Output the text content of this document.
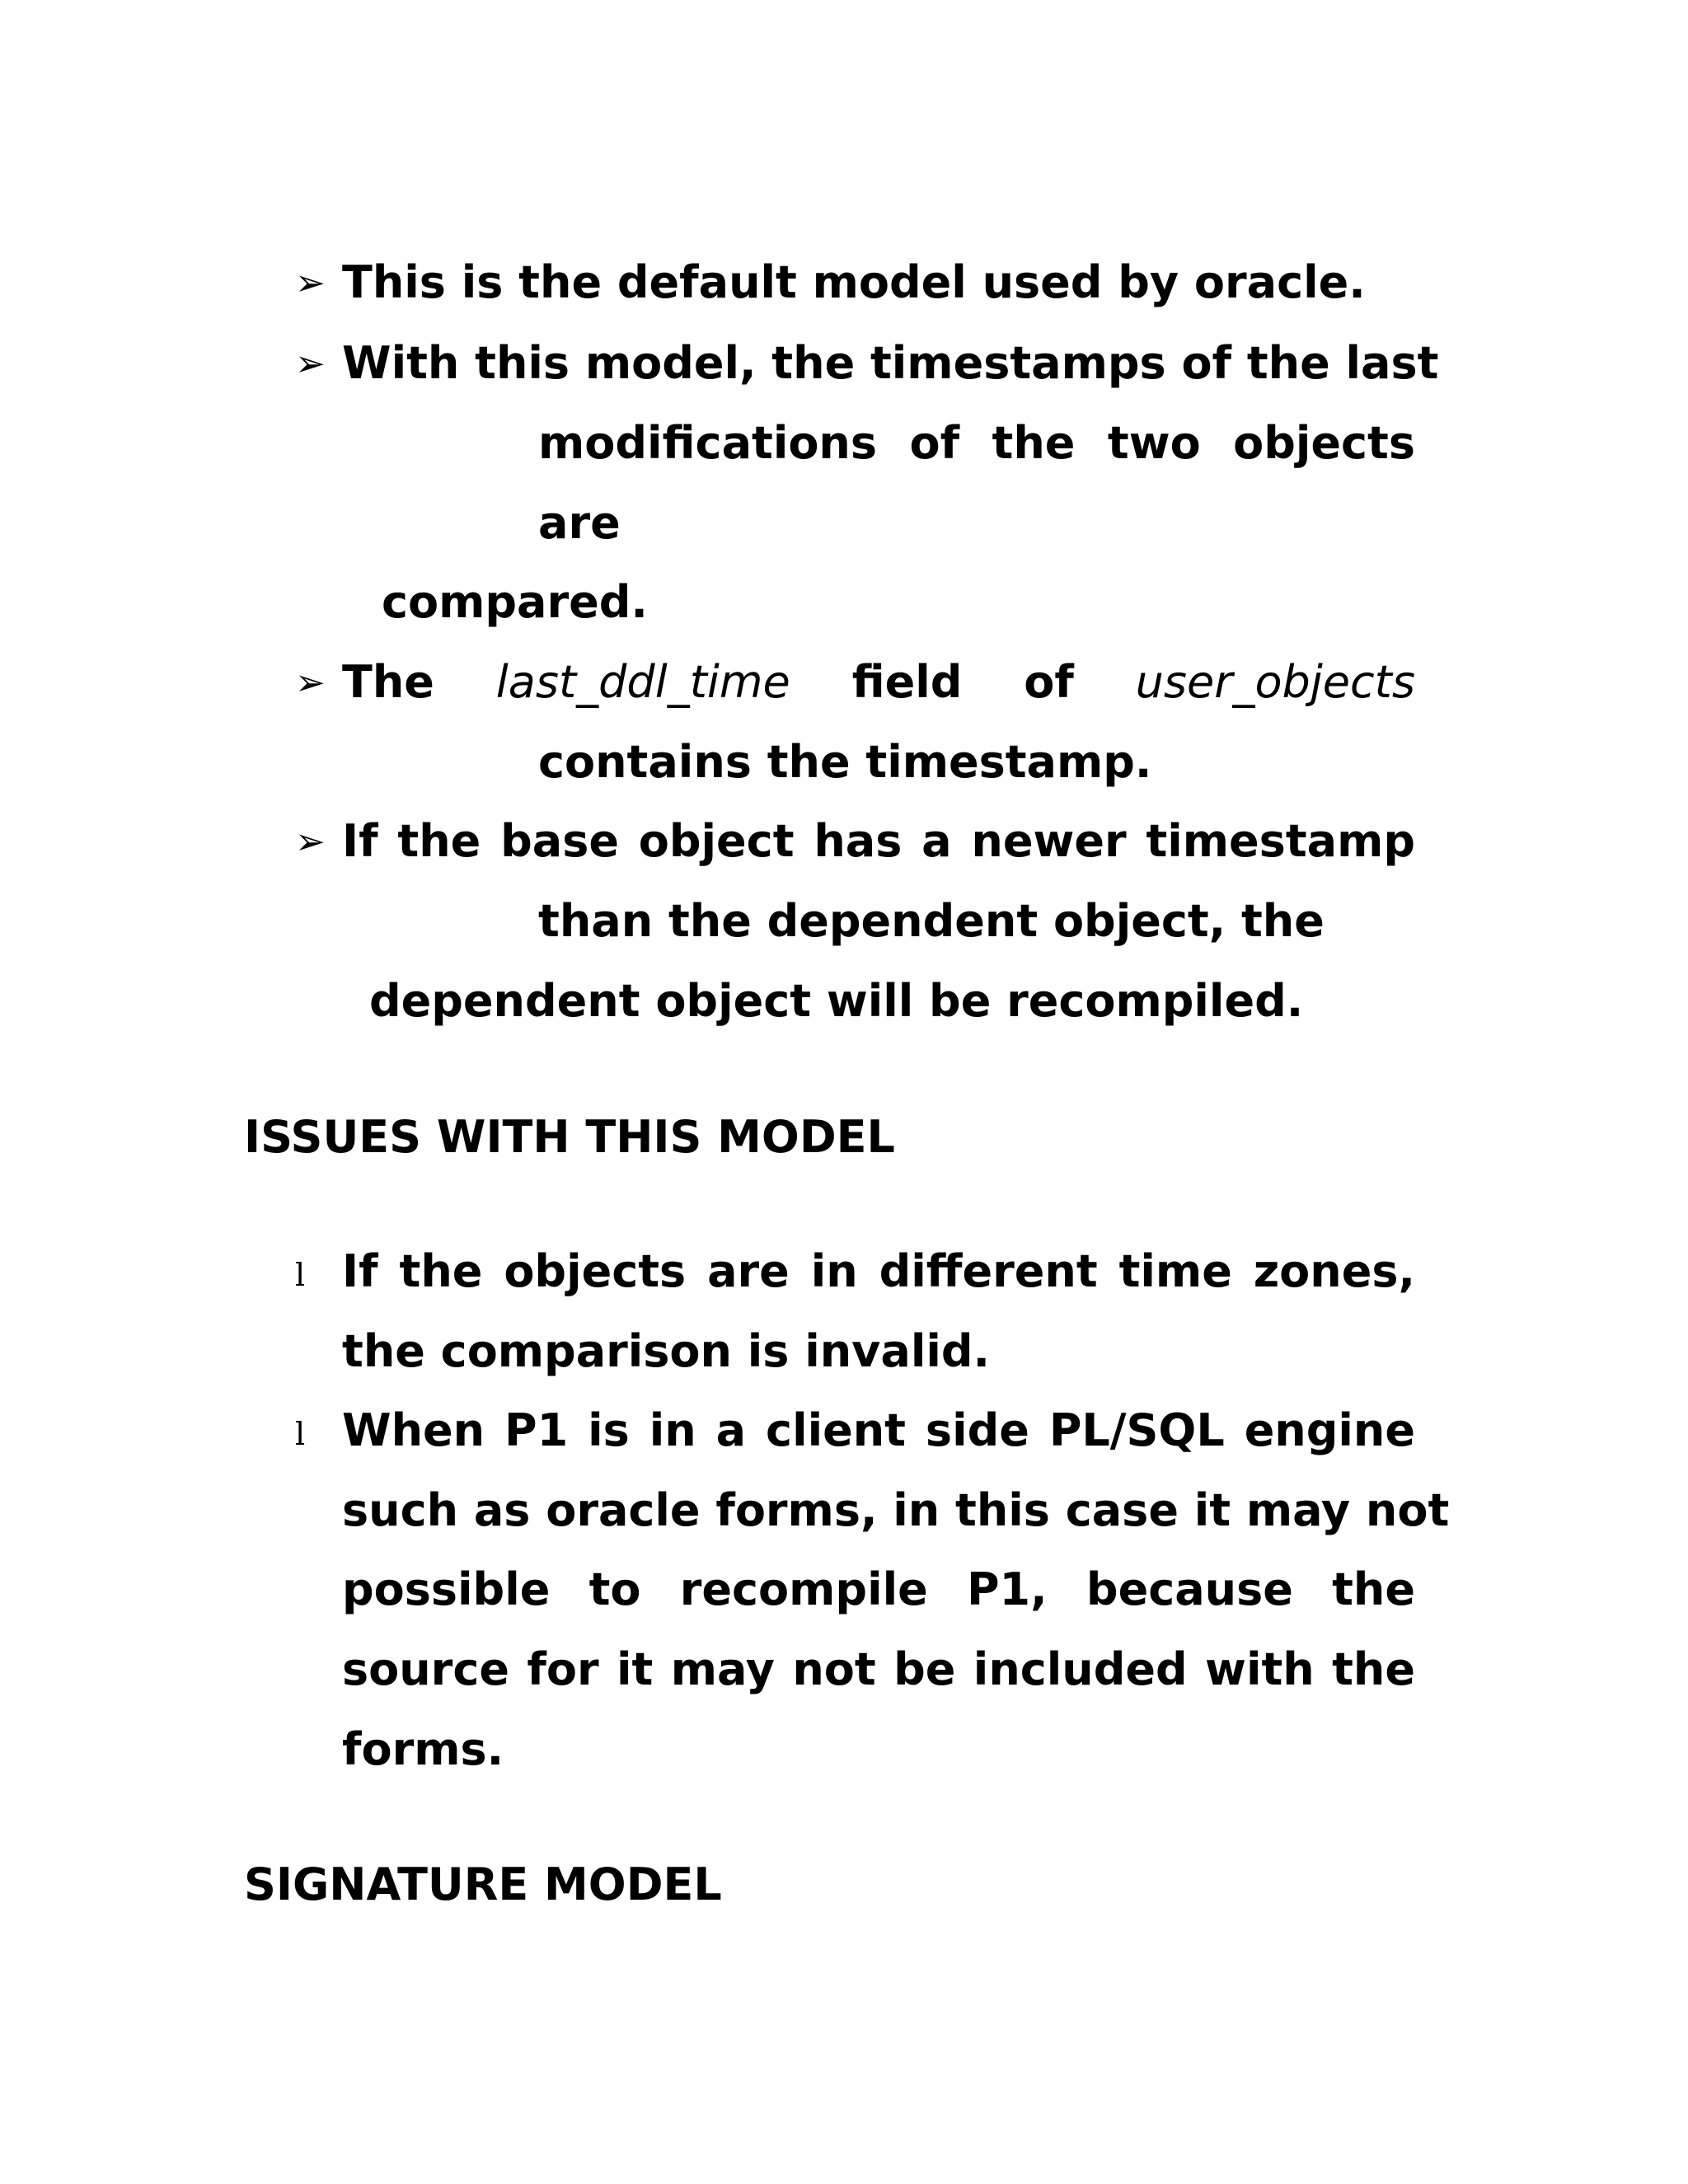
➢ This is the default model used by oracle.
➢ With this model, the timestamps of the last
modifications of the two objects
are
compared.
➢ The last_ddl_time field of user_objects
contains the timestamp.
➢ If the base object has a newer timestamp
than the dependent object, the
dependent object will be recompiled.
ISSUES WITH THIS MODEL
l If the objects are in different time zones,
the comparison is invalid.
l When P1 is in a client side PL/SQL engine
such as oracle forms, in this case it may not
possible to recompile P1, because the
source for it may not be included with the
forms.
SIGNATURE MODEL
